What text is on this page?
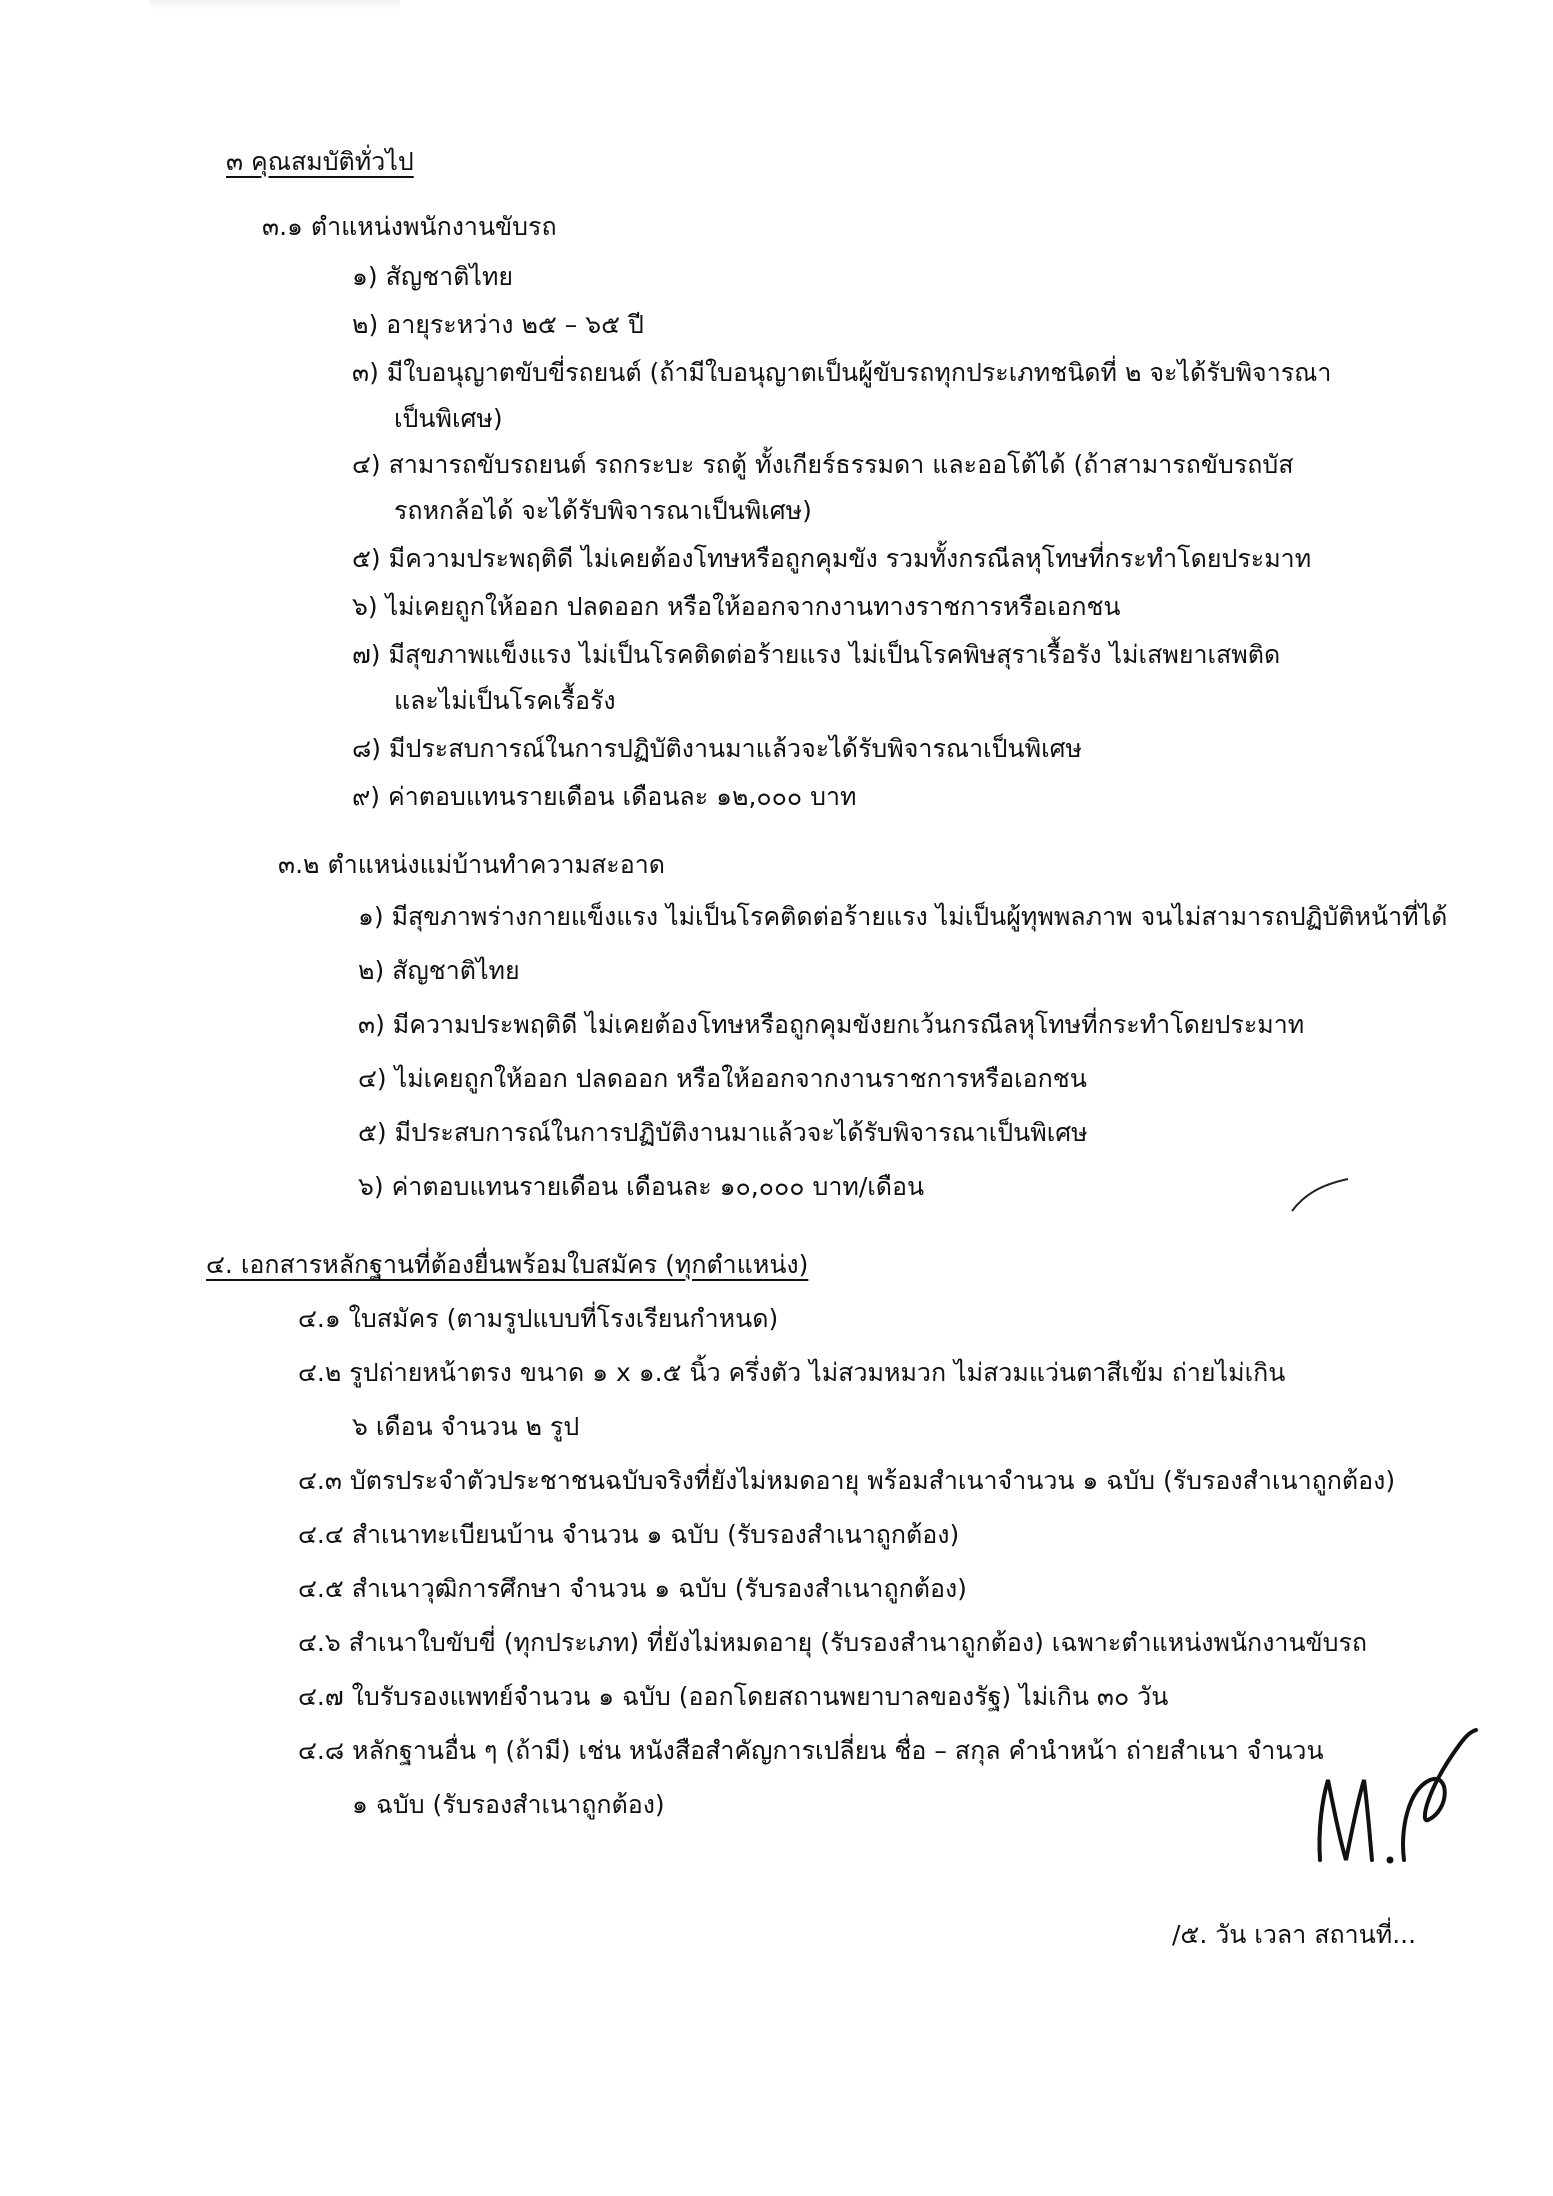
๓ คุณสมบัติทั่วไป
๓.๑ ตำแหน่งพนักงานขับรถ
๑) สัญชาติไทย
๒) อายุระหว่าง ๒๕ – ๖๕ ปี
๓) มีใบอนุญาตขับขี่รถยนต์ (ถ้ามีใบอนุญาตเป็นผู้ขับรถทุกประเภทชนิดที่ ๒ จะได้รับพิจารณา
เป็นพิเศษ)
๔) สามารถขับรถยนต์ รถกระบะ รถตู้ ทั้งเกียร์ธรรมดา และออโต้ได้ (ถ้าสามารถขับรถบัส
รถหกล้อได้ จะได้รับพิจารณาเป็นพิเศษ)
๕) มีความประพฤติดี ไม่เคยต้องโทษหรือถูกคุมขัง รวมทั้งกรณีลหุโทษที่กระทำโดยประมาท
๖) ไม่เคยถูกให้ออก ปลดออก หรือให้ออกจากงานทางราชการหรือเอกชน
๗) มีสุขภาพแข็งแรง ไม่เป็นโรคติดต่อร้ายแรง ไม่เป็นโรคพิษสุราเรื้อรัง ไม่เสพยาเสพติด
และไม่เป็นโรคเรื้อรัง
๘) มีประสบการณ์ในการปฏิบัติงานมาแล้วจะได้รับพิจารณาเป็นพิเศษ
๙) ค่าตอบแทนรายเดือน เดือนละ ๑๒,๐๐๐ บาท
๓.๒ ตำแหน่งแม่บ้านทำความสะอาด
๑) มีสุขภาพร่างกายแข็งแรง ไม่เป็นโรคติดต่อร้ายแรง ไม่เป็นผู้ทุพพลภาพ จนไม่สามารถปฏิบัติหน้าที่ได้
๒) สัญชาติไทย
๓) มีความประพฤติดี ไม่เคยต้องโทษหรือถูกคุมขังยกเว้นกรณีลหุโทษที่กระทำโดยประมาท
๔) ไม่เคยถูกให้ออก ปลดออก หรือให้ออกจากงานราชการหรือเอกชน
๕) มีประสบการณ์ในการปฏิบัติงานมาแล้วจะได้รับพิจารณาเป็นพิเศษ
๖) ค่าตอบแทนรายเดือน เดือนละ ๑๐,๐๐๐ บาท/เดือน
๔. เอกสารหลักฐานที่ต้องยื่นพร้อมใบสมัคร (ทุกตำแหน่ง)
๔.๑ ใบสมัคร (ตามรูปแบบที่โรงเรียนกำหนด)
๔.๒ รูปถ่ายหน้าตรง ขนาด ๑ x ๑.๕ นิ้ว ครึ่งตัว ไม่สวมหมวก ไม่สวมแว่นตาสีเข้ม ถ่ายไม่เกิน
๖ เดือน จำนวน ๒ รูป
๔.๓ บัตรประจำตัวประชาชนฉบับจริงที่ยังไม่หมดอายุ พร้อมสำเนาจำนวน ๑ ฉบับ (รับรองสำเนาถูกต้อง)
๔.๔ สำเนาทะเบียนบ้าน จำนวน ๑ ฉบับ (รับรองสำเนาถูกต้อง)
๔.๕ สำเนาวุฒิการศึกษา จำนวน ๑ ฉบับ (รับรองสำเนาถูกต้อง)
๔.๖ สำเนาใบขับขี่ (ทุกประเภท) ที่ยังไม่หมดอายุ (รับรองสำนาถูกต้อง) เฉพาะตำแหน่งพนักงานขับรถ
๔.๗ ใบรับรองแพทย์จำนวน ๑ ฉบับ (ออกโดยสถานพยาบาลของรัฐ) ไม่เกิน ๓๐ วัน
๔.๘ หลักฐานอื่น ๆ (ถ้ามี) เช่น หนังสือสำคัญการเปลี่ยน ชื่อ – สกุล คำนำหน้า ถ่ายสำเนา จำนวน
๑ ฉบับ (รับรองสำเนาถูกต้อง)
/๕. วัน เวลา สถานที่...
